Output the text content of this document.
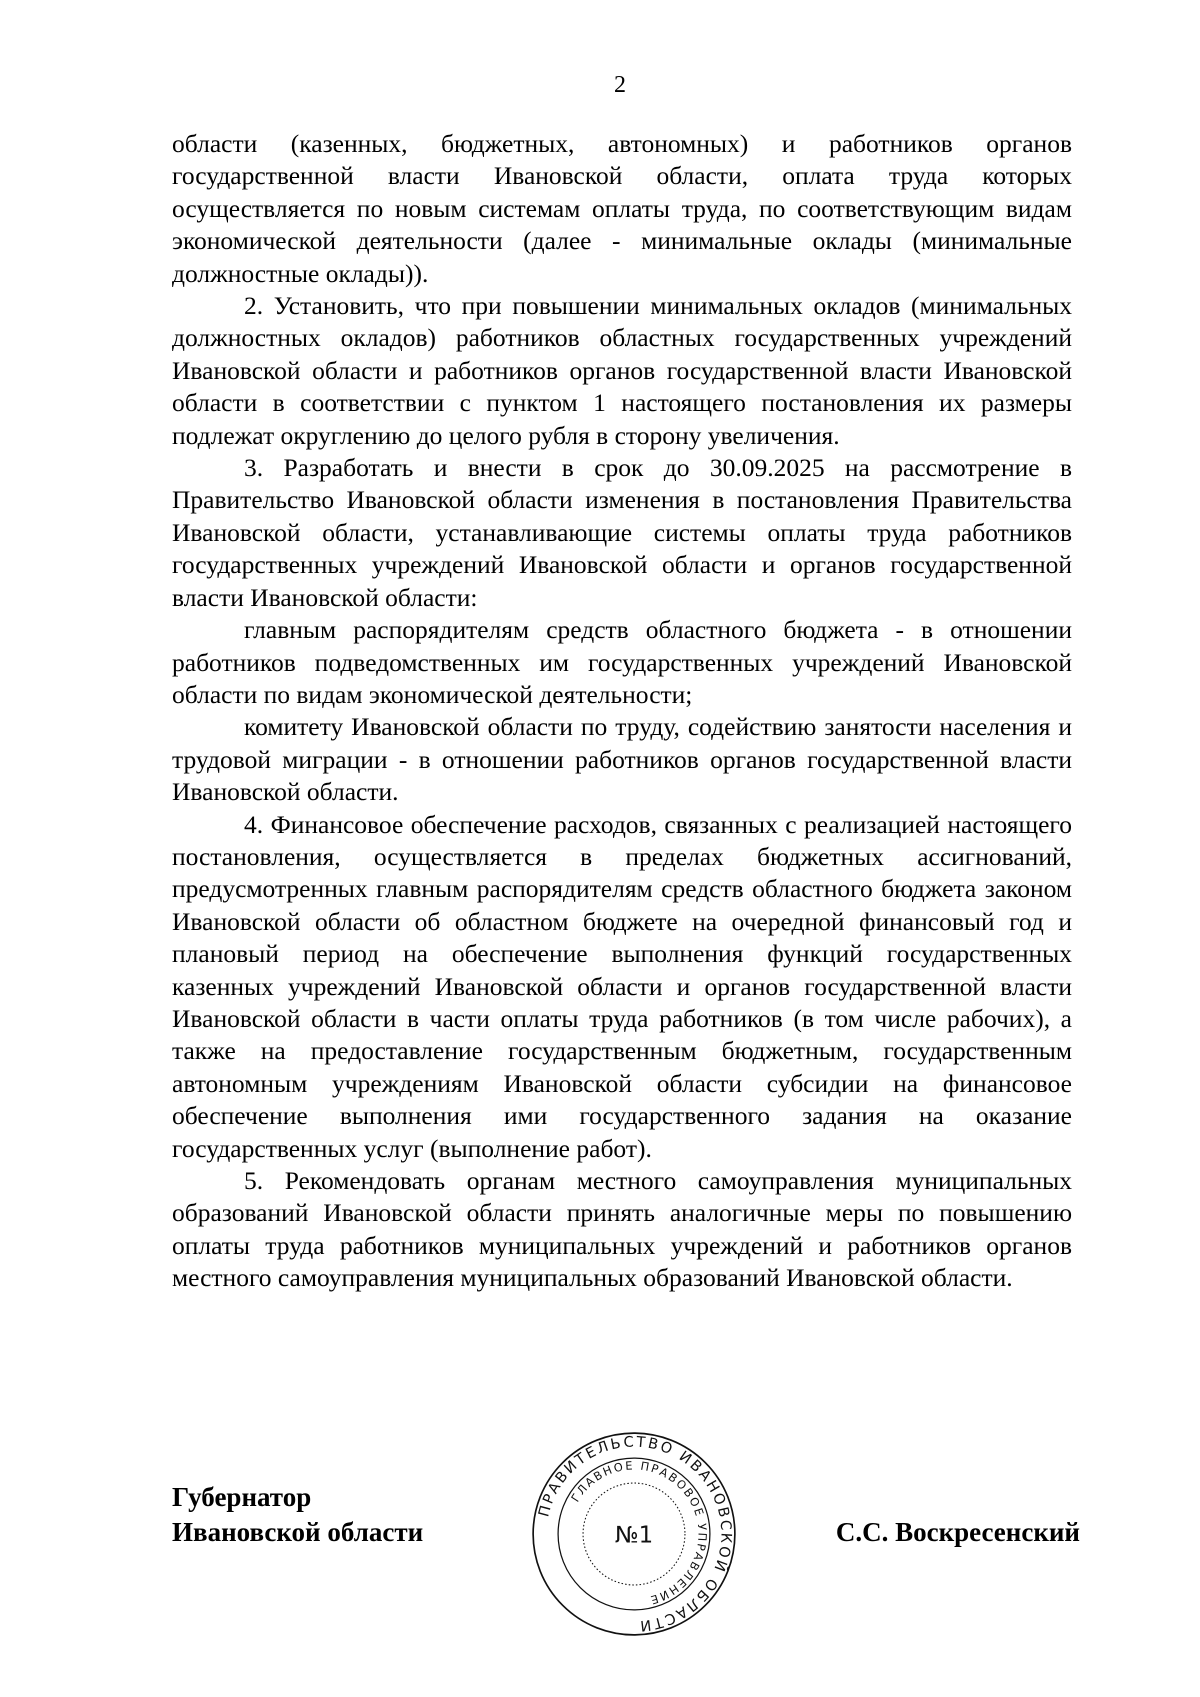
2

области (казенных, бюджетных, автономных) и работников органов государственной власти Ивановской области, оплата труда которых осуществляется по новым системам оплаты труда, по соответствующим видам экономической деятельности (далее - минимальные оклады (минимальные должностные оклады)).

2. Установить, что при повышении минимальных окладов (минимальных должностных окладов) работников областных государственных учреждений Ивановской области и работников органов государственной власти Ивановской области в соответствии с пунктом 1 настоящего постановления их размеры подлежат округлению до целого рубля в сторону увеличения.

3. Разработать и внести в срок до 30.09.2025 на рассмотрение в Правительство Ивановской области изменения в постановления Правительства Ивановской области, устанавливающие системы оплаты труда работников государственных учреждений Ивановской области и органов государственной власти Ивановской области:

главным распорядителям средств областного бюджета - в отношении работников подведомственных им государственных учреждений Ивановской области по видам экономической деятельности;

комитету Ивановской области по труду, содействию занятости населения и трудовой миграции - в отношении работников органов государственной власти Ивановской области.

4. Финансовое обеспечение расходов, связанных с реализацией настоящего постановления, осуществляется в пределах бюджетных ассигнований, предусмотренных главным распорядителям средств областного бюджета законом Ивановской области об областном бюджете на очередной финансовый год и плановый период на обеспечение выполнения функций государственных казенных учреждений Ивановской области и органов государственной власти Ивановской области в части оплаты труда работников (в том числе рабочих), а также на предоставление государственным бюджетным, государственным автономным учреждениям Ивановской области субсидии на финансовое обеспечение выполнения ими государственного задания на оказание государственных услуг (выполнение работ).

5. Рекомендовать органам местного самоуправления муниципальных образований Ивановской области принять аналогичные меры по повышению оплаты труда работников муниципальных учреждений и работников органов местного самоуправления муниципальных образований Ивановской области.

Губернатор
Ивановской области	С.С. Воскресенский
ПРАВИТЕЛЬСТВО ИВАНОВСКОЙ ОБЛАСТИ
ГЛАВНОЕ ПРАВОВОЕ УПРАВЛЕНИЕ
№1
